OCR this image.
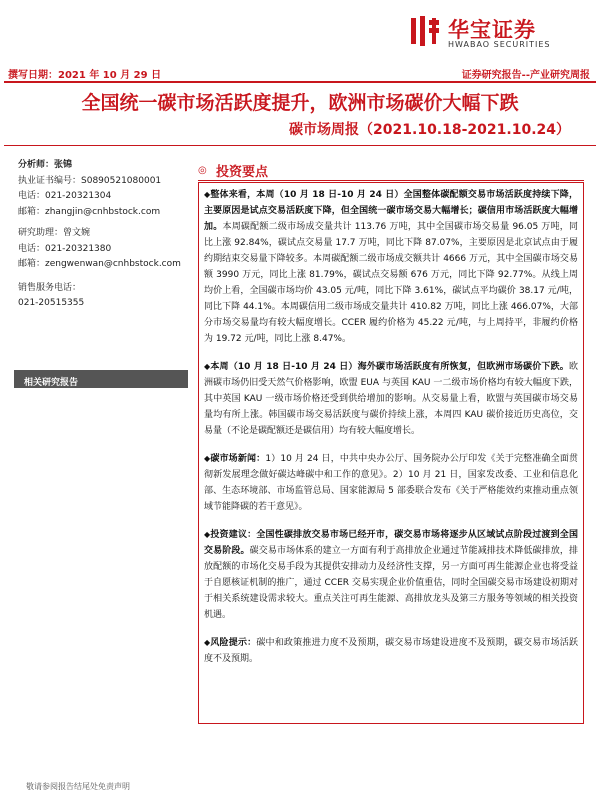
华宝证券
HWABAO SECURITIES
撰写日期：2021 年 10 月 29 日	证券研究报告--产业研究周报
全国统一碳市场活跃度提升，欧洲市场碳价大幅下跌
碳市场周报（2021.10.18-2021.10.24）
分析师：张锦
执业证书编号：S0890521080001
电话：021-20321304
邮箱：zhangjin@cnhbstock.com
研究助理：曾文婉
电话：021-20321380
邮箱：zengwenwan@cnhbstock.com
销售服务电话：
021-20515355
相关研究报告
◎ 投资要点
◆整体来看，本周（10 月 18 日-10 月 24 日）全国整体碳配额交易市场活跃度持续下降，主要原因是试点交易活跃度下降，但全国统一碳市场交易大幅增长；碳信用市场活跃度大幅增加。本周碳配额二级市场成交量共计 113.76 万吨，其中全国碳市场交易量 96.05 万吨，同比上涨 92.84%，碳试点交易量 17.7 万吨，同比下降 87.07%，主要原因是北京试点由于履约期结束交易量下降较多。本周碳配额二级市场成交额共计 4666 万元，其中全国碳市场交易额 3990 万元，同比上涨 81.79%，碳试点交易额 676 万元，同比下降 92.77%。从线上周均价上看，全国碳市场均价 43.05 元/吨，同比下降 3.61%，碳试点平均碳价 38.17 元/吨，同比下降 44.1%。本周碳信用二级市场成交量共计 410.82 万吨，同比上涨 466.07%，大部分市场交易量均有较大幅度增长。CCER 履约价格为 45.22 元/吨，与上周持平，非履约价格为 19.72 元/吨，同比上涨 8.47%。
◆本周（10 月 18 日-10 月 24 日）海外碳市场活跃度有所恢复，但欧洲市场碳价下跌。欧洲碳市场仍旧受天然气价格影响，欧盟 EUA 与英国 KAU 一二级市场价格均有较大幅度下跌，其中英国 KAU 一级市场价格还受到供给增加的影响。从交易量上看，欧盟与英国碳市场交易量均有所上涨。韩国碳市场交易活跃度与碳价持续上涨，本周四 KAU 碳价接近历史高位，交易量（不论是碳配额还是碳信用）均有较大幅度增长。
◆碳市场新闻：1）10 月 24 日，中共中央办公厅、国务院办公厅印发《关于完整准确全面贯彻新发展理念做好碳达峰碳中和工作的意见》。2）10 月 21 日，国家发改委、工业和信息化部、生态环境部、市场监管总局、国家能源局 5 部委联合发布《关于严格能效约束推动重点领域节能降碳的若干意见》。
◆投资建议：全国性碳排放交易市场已经开市，碳交易市场将逐步从区域试点阶段过渡到全国交易阶段。碳交易市场体系的建立一方面有利于高排放企业通过节能减排技术降低碳排放，排放配额的市场化交易手段为其提供安排动力及经济性支撑，另一方面可再生能源企业也将受益于自愿核证机制的推广，通过 CCER 交易实现企业价值重估，同时全国碳交易市场建设初期对于相关系统建设需求较大。重点关注可再生能源、高排放龙头及第三方服务等领域的相关投资机遇。
◆风险提示：碳中和政策推进力度不及预期，碳交易市场建设进度不及预期，碳交易市场活跃度不及预期。
敬请参阅报告结尾处免责声明
